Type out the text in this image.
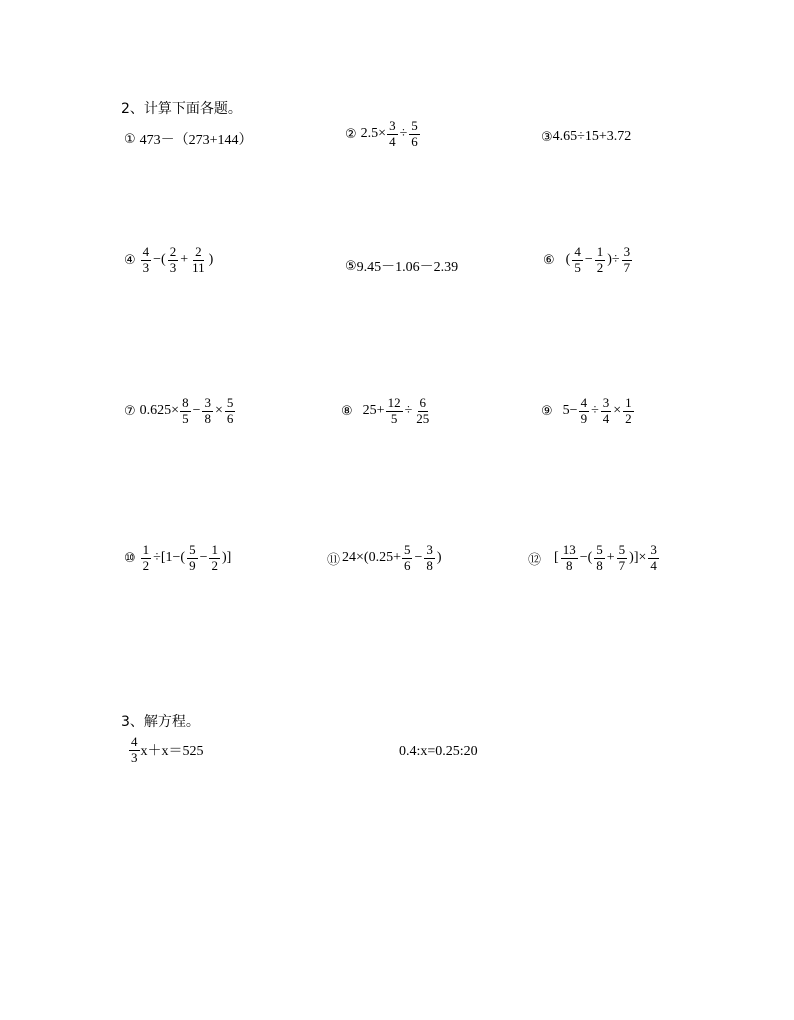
2、计算下面各题。
① 473－（273+144）	② $2.5\times \frac{3}{4} \div \frac{5}{6}$	③ 4.65÷15+3.72
④ $\frac{4}{3}$ −( $\frac{2}{3} + \frac{2}{11}$ )	⑤ 9.45－1.06－2.39	⑥ ( $\frac{4}{5} - \frac{1}{2}$ )÷ $\frac{3}{7}$
⑦ $0.625\times \frac{8}{5} - \frac{3}{8} \times \frac{5}{6}$	⑧ $25+ \frac{12}{5} \div \frac{6}{25}$	⑨ $5- \frac{4}{9} \div \frac{3}{4} \times \frac{1}{2}$
⑩ $\frac{1}{2} \div[1-( \frac{5}{9} - \frac{1}{2}$ )]	⑪ $24\times(0.25+ \frac{5}{6} - \frac{3}{8}$ )	⑫ [ $\frac{13}{8}$ −( $\frac{5}{8} + \frac{5}{7}$ )]× $\frac{3}{4}$
3、解方程。
$\frac{4}{3} x+x=525$	0.4:x=0.25:20
